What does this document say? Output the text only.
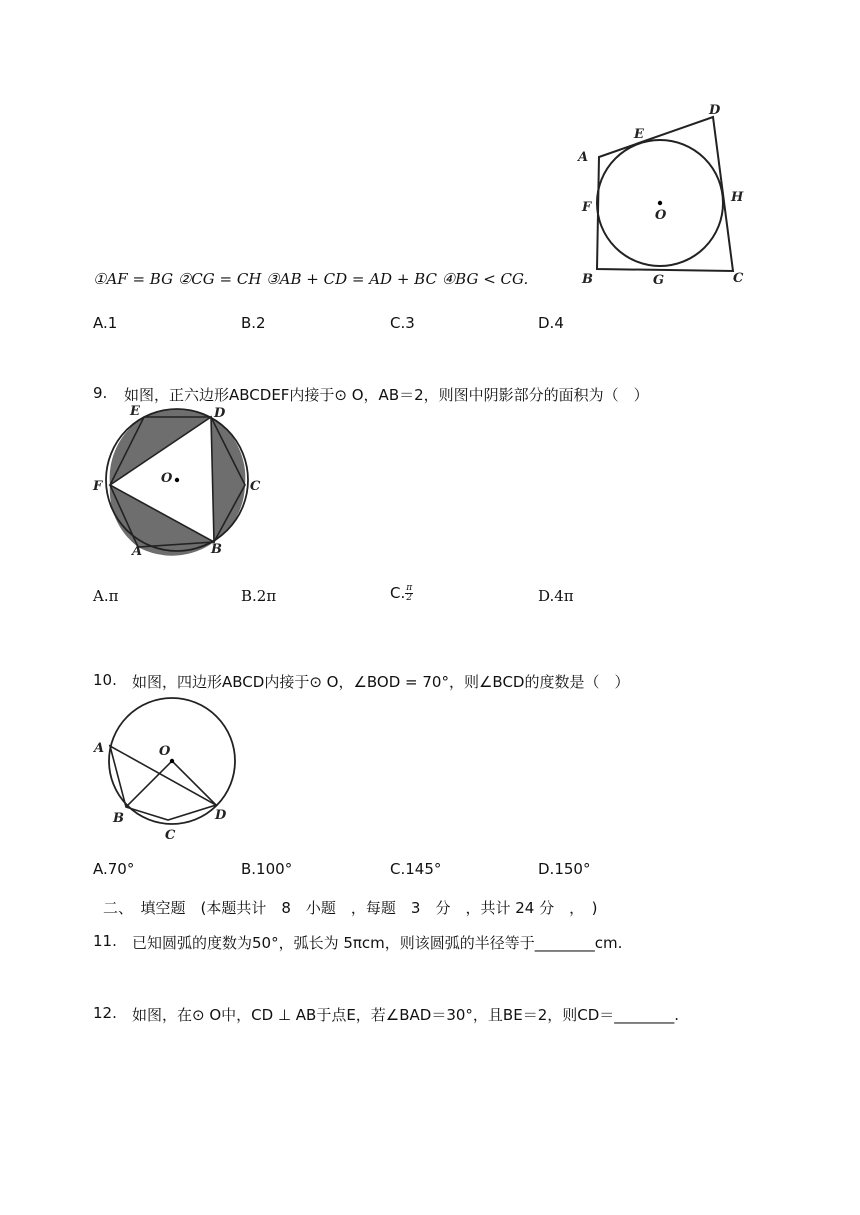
D
E
A
F
O
H
B	G	C
①AF = BG ②CG = CH ③AB + CD = AD + BC ④BG < CG.
A.1	B.2	C.3	D.4
9. 如图，正六边形ABCDEF内接于⊙ O，AB＝2，则图中阴影部分的面积为（　）
E	D
O
F	C
A	B
A.π	B.2π	C. $\frac{\pi}{2}$	D.4π
10. 如图，四边形ABCD内接于⊙ O，∠BOD = 70°，则∠BCD的度数是（　）
A	O
B
C
D
A.70°	B.100°	C.145°	D.150°
二、　填空题　(本题共计　8　小题　，每题　3　分　，共计 24 分　，　)
11. 已知圆弧的度数为50°，弧长为 5πcm，则该圆弧的半径等于________cm.
12. 如图，在⊙ O中，CD ⊥ AB于点E，若∠BAD＝30°，且BE＝2，则CD＝________.
